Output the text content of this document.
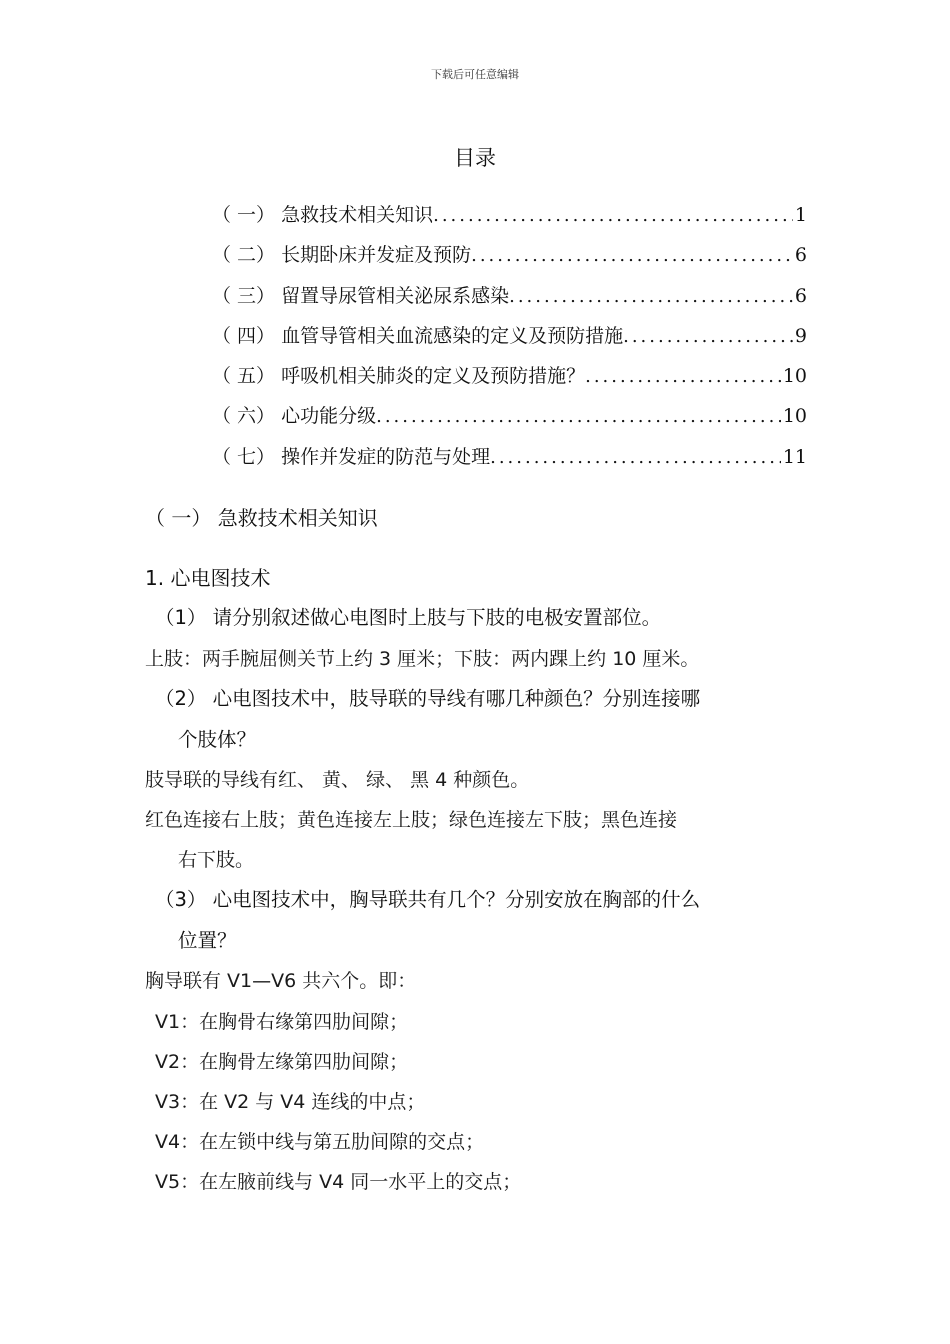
下载后可任意编辑
目录
（ 一） 急救技术相关知识 .....	1
（ 二） 长期卧床并发症及预防 .....	6
（ 三） 留置导尿管相关泌尿系感染 .....	6
（ 四） 血管导管相关血流感染的定义及预防措施 .....	9
（ 五） 呼吸机相关肺炎的定义及预防措施？ .....	10
（ 六） 心功能分级 .....	10
（ 七） 操作并发症的防范与处理 .....	11
（ 一） 急救技术相关知识
1. 心电图技术
（1） 请分别叙述做心电图时上肢与下肢的电极安置部位。
上肢：两手腕屈侧关节上约 3 厘米；下肢：两内踝上约 10 厘米。
（2） 心电图技术中，肢导联的导线有哪几种颜色？分别连接哪
个肢体？
肢导联的导线有红、 黄、 绿、 黑 4 种颜色。
红色连接右上肢；黄色连接左上肢；绿色连接左下肢；黑色连接
右下肢。
（3） 心电图技术中，胸导联共有几个？分别安放在胸部的什么
位置？
胸导联有 V1—V6 共六个。即：
V1：在胸骨右缘第四肋间隙；
V2：在胸骨左缘第四肋间隙；
V3：在 V2 与 V4 连线的中点；
V4：在左锁中线与第五肋间隙的交点；
V5：在左腋前线与 V4 同一水平上的交点；
